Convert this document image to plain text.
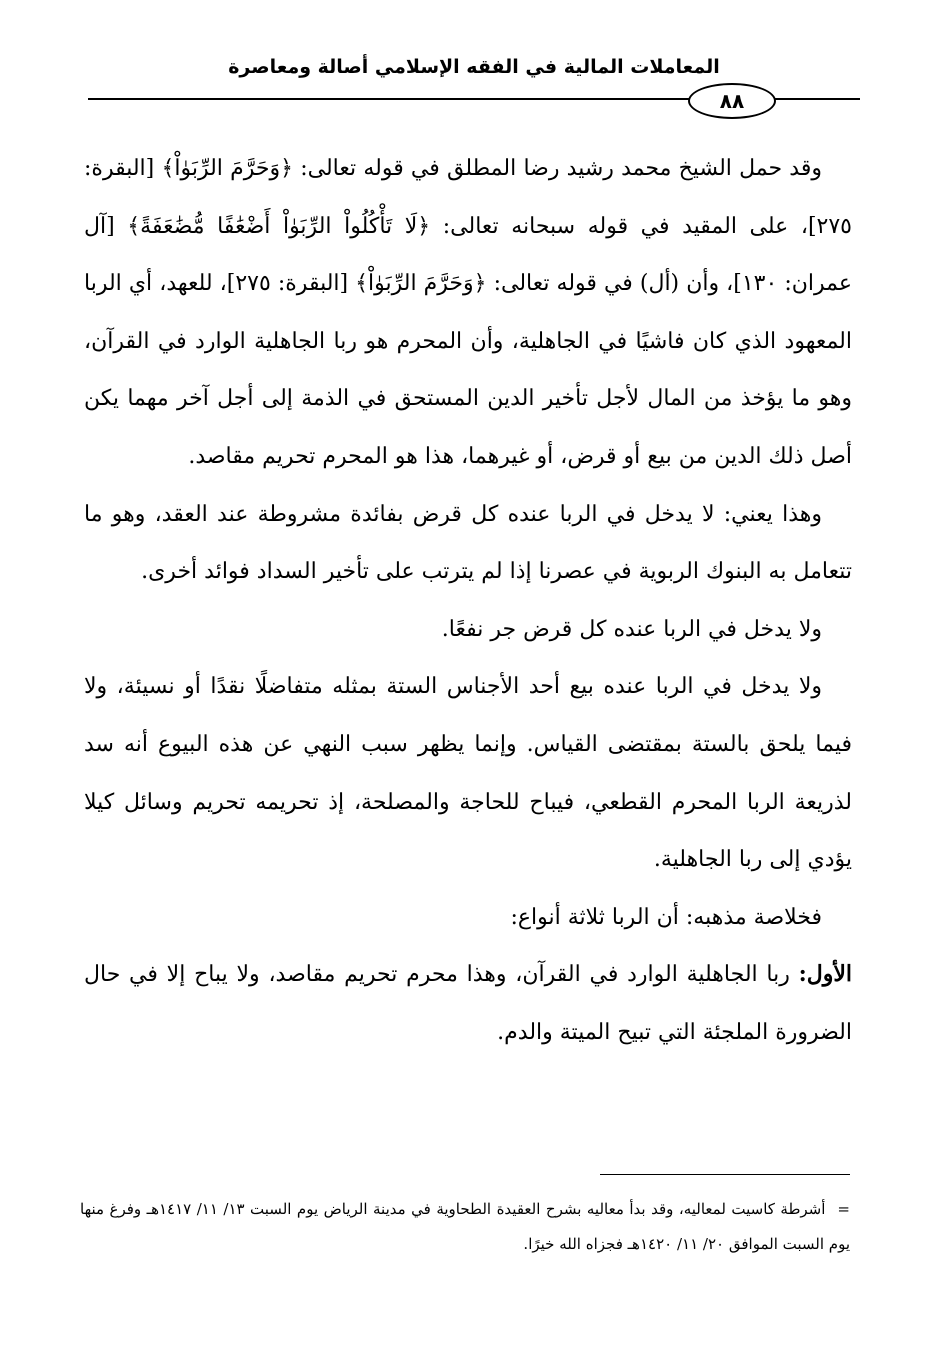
المعاملات المالية في الفقه الإسلامي أصالة ومعاصرة
٨٨

وقد حمل الشيخ محمد رشيد رضا المطلق في قوله تعالى: ﴿وَحَرَّمَ الرِّبَوٰاْ﴾ [البقرة: ٢٧٥]، على المقيد في قوله سبحانه تعالى: ﴿لَا تَأْكُلُواْ الرِّبَوٰاْ أَضْعَٰفًا مُّضَٰعَفَةً﴾ [آل عمران: ١٣٠]، وأن (أل) في قوله تعالى: ﴿وَحَرَّمَ الرِّبَوٰاْ﴾ [البقرة: ٢٧٥]، للعهد، أي الربا المعهود الذي كان فاشيًا في الجاهلية، وأن المحرم هو ربا الجاهلية الوارد في القرآن، وهو ما يؤخذ من المال لأجل تأخير الدين المستحق في الذمة إلى أجل آخر مهما يكن أصل ذلك الدين من بيع أو قرض، أو غيرهما، هذا هو المحرم تحريم مقاصد.

وهذا يعني: لا يدخل في الربا عنده كل قرض بفائدة مشروطة عند العقد، وهو ما تتعامل به البنوك الربوية في عصرنا إذا لم يترتب على تأخير السداد فوائد أخرى.

ولا يدخل في الربا عنده كل قرض جر نفعًا.

ولا يدخل في الربا عنده بيع أحد الأجناس الستة بمثله متفاضلًا نقدًا أو نسيئة، ولا فيما يلحق بالستة بمقتضى القياس. وإنما يظهر سبب النهي عن هذه البيوع أنه سد لذريعة الربا المحرم القطعي، فيباح للحاجة والمصلحة، إذ تحريمه تحريم وسائل كيلا يؤدي إلى ربا الجاهلية.

فخلاصة مذهبه: أن الربا ثلاثة أنواع:

الأول: ربا الجاهلية الوارد في القرآن، وهذا محرم تحريم مقاصد، ولا يباح إلا في حال الضرورة الملجئة التي تبيح الميتة والدم.

=أشرطة كاسيت لمعاليه، وقد بدأ معاليه بشرح العقيدة الطحاوية في مدينة الرياض يوم السبت ١٣/ ١١/ ١٤١٧هـ وفرغ منها يوم السبت الموافق ٢٠/ ١١/ ١٤٢٠هـ فجزاه الله خيرًا.
